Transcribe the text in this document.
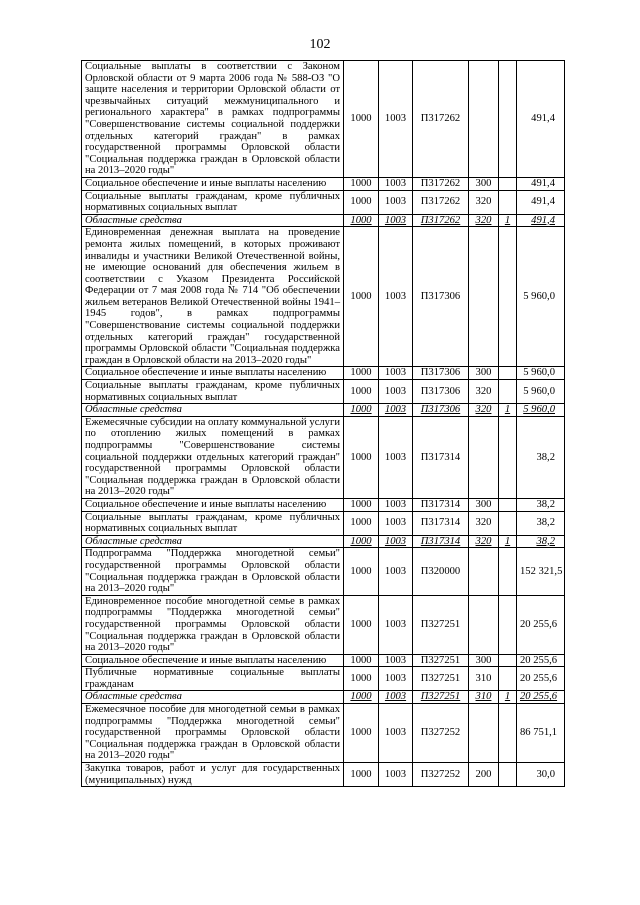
102
Социальные выплаты в соответствии с Законом Орловской области от 9 марта 2006 года № 588-ОЗ "О защите населения и территории Орловской области от чрезвычайных ситуаций межмуниципального и регионального характера" в рамках подпрограммы "Совершенствование системы социальной поддержки отдельных категорий граждан" в рамках государственной программы Орловской области "Социальная поддержка граждан в Орловской области на 2013–2020 годы"	1000	1003	П317262			491,4
Социальное обеспечение и иные выплаты населению	1000	1003	П317262	300		491,4
Социальные выплаты гражданам, кроме публичных нормативных социальных выплат	1000	1003	П317262	320		491,4
Областные средства	1000	1003	П317262	320	1	491,4
Единовременная денежная выплата на проведение ремонта жилых помещений, в которых проживают инвалиды и участники Великой Отечественной войны, не имеющие оснований для обеспечения жильем в соответствии с Указом Президента Российской Федерации от 7 мая 2008 года № 714 "Об обеспечении жильем ветеранов Великой Отечественной войны 1941–1945 годов", в рамках подпрограммы "Совершенствование системы социальной поддержки отдельных категорий граждан" государственной программы Орловской области "Социальная поддержка граждан в Орловской области на 2013–2020 годы"	1000	1003	П317306			5 960,0
Социальное обеспечение и иные выплаты населению	1000	1003	П317306	300		5 960,0
Социальные выплаты гражданам, кроме публичных нормативных социальных выплат	1000	1003	П317306	320		5 960,0
Областные средства	1000	1003	П317306	320	1	5 960,0
Ежемесячные субсидии на оплату коммунальной услуги по отоплению жилых помещений в рамках подпрограммы "Совершенствование системы социальной поддержки отдельных категорий граждан" государственной программы Орловской области "Социальная поддержка граждан в Орловской области на 2013–2020 годы"	1000	1003	П317314			38,2
Социальное обеспечение и иные выплаты населению	1000	1003	П317314	300		38,2
Социальные выплаты гражданам, кроме публичных нормативных социальных выплат	1000	1003	П317314	320		38,2
Областные средства	1000	1003	П317314	320	1	38,2
Подпрограмма "Поддержка многодетной семьи" государственной программы Орловской области "Социальная поддержка граждан в Орловской области на 2013–2020 годы"	1000	1003	П320000			152 321,5
Единовременное пособие многодетной семье в рамках подпрограммы "Поддержка многодетной семьи" государственной программы Орловской области "Социальная поддержка граждан в Орловской области на 2013–2020 годы"	1000	1003	П327251			20 255,6
Социальное обеспечение и иные выплаты населению	1000	1003	П327251	300		20 255,6
Публичные нормативные социальные выплаты гражданам	1000	1003	П327251	310		20 255,6
Областные средства	1000	1003	П327251	310	1	20 255,6
Ежемесячное пособие для многодетной семьи в рамках подпрограммы "Поддержка многодетной семьи" государственной программы Орловской области "Социальная поддержка граждан в Орловской области на 2013–2020 годы"	1000	1003	П327252			86 751,1
Закупка товаров, работ и услуг для государственных (муниципальных) нужд	1000	1003	П327252	200		30,0
